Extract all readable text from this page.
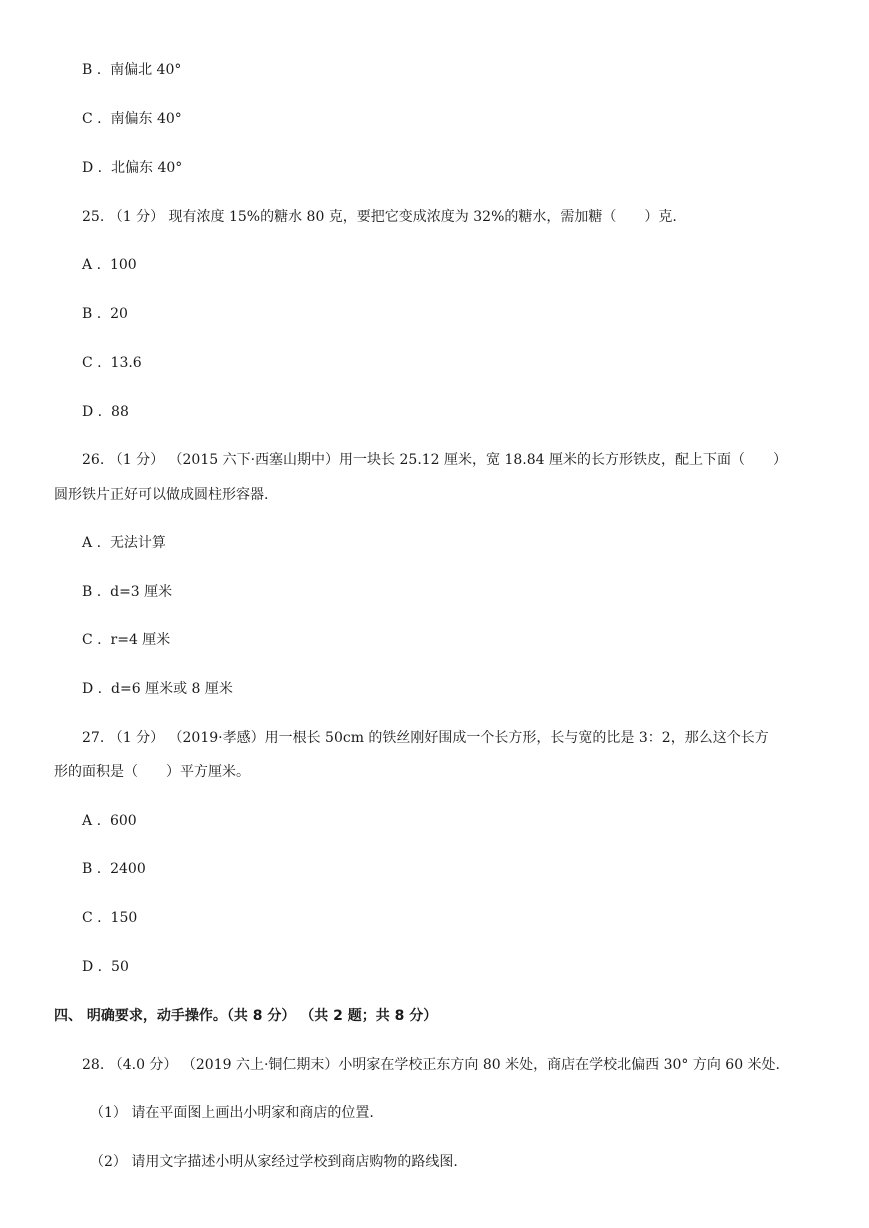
B .  南偏北 40°
C .  南偏东 40°
D .  北偏东 40°
25. （1 分） 现有浓度 15%的糖水 80 克，要把它变成浓度为 32%的糖水，需加糖（　　）克.
A .  100
B .  20
C .  13.6
D .  88
26. （1 分） （2015 六下·西塞山期中）用一块长 25.12 厘米，宽 18.84 厘米的长方形铁皮，配上下面（　　）
圆形铁片正好可以做成圆柱形容器.
A .  无法计算
B .  d=3 厘米
C .  r=4 厘米
D .  d=6 厘米或 8 厘米
27. （1 分） （2019·孝感）用一根长 50cm 的铁丝刚好围成一个长方形，长与宽的比是 3：2，那么这个长方
形的面积是（　　）平方厘米。
A .  600
B .  2400
C .  150
D .  50
四、 明确要求，动手操作。（共 8 分） （共 2 题；共 8 分）
28. （4.0 分） （2019 六上·铜仁期末）小明家在学校正东方向 80 米处，商店在学校北偏西 30° 方向 60 米处.
（1） 请在平面图上画出小明家和商店的位置.
（2） 请用文字描述小明从家经过学校到商店购物的路线图.
